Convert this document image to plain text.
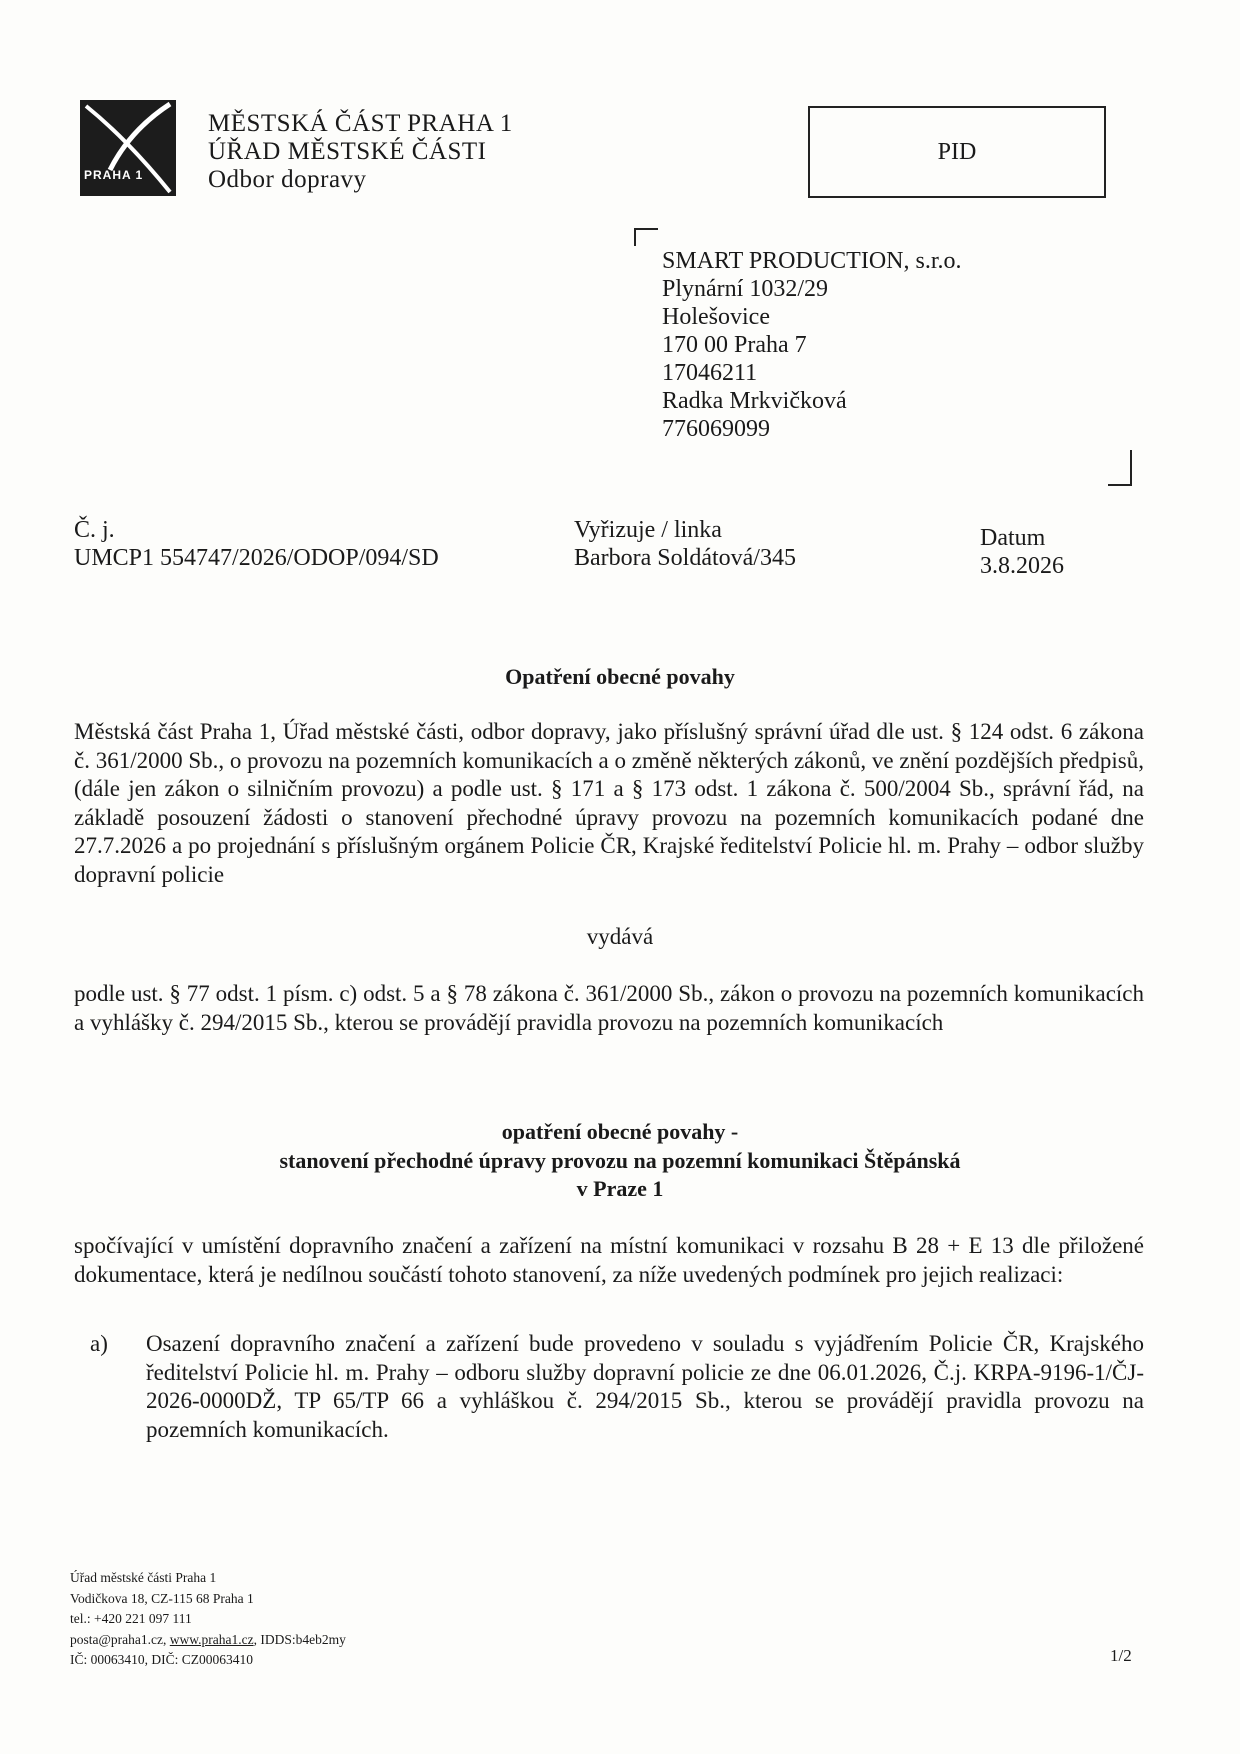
PRAHA 1
MĚSTSKÁ ČÁST PRAHA 1
ÚŘAD MĚSTSKÉ ČÁSTI
Odbor dopravy
PID
SMART PRODUCTION, s.r.o.
Plynární 1032/29
Holešovice
170 00 Praha 7
17046211
Radka Mrkvičková
776069099
Č. j.
UMCP1 554747/2026/ODOP/094/SD
Vyřizuje / linka
Barbora Soldátová/345
Datum
3.8.2026
Opatření obecné povahy
Městská část Praha 1, Úřad městské části, odbor dopravy, jako příslušný správní úřad dle ust. § 124 odst. 6 zákona č. 361/2000 Sb., o provozu na pozemních komunikacích a o změně některých zákonů, ve znění pozdějších předpisů, (dále jen zákon o silničním provozu) a podle ust. § 171 a § 173 odst. 1 zákona č. 500/2004 Sb., správní řád, na základě posouzení žádosti o stanovení přechodné úpravy provozu na pozemních komunikacích podané dne 27.7.2026 a po projednání s příslušným orgánem Policie ČR, Krajské ředitelství Policie hl. m. Prahy – odbor služby dopravní policie
vydává
podle ust. § 77 odst. 1 písm. c) odst. 5 a § 78 zákona č. 361/2000 Sb., zákon o provozu na pozemních komunikacích a vyhlášky č. 294/2015 Sb., kterou se provádějí pravidla provozu na pozemních komunikacích
opatření obecné povahy -
stanovení přechodné úpravy provozu na pozemní komunikaci Štěpánská
v Praze 1
spočívající v umístění dopravního značení a zařízení na místní komunikaci v rozsahu B 28 + E 13 dle přiložené dokumentace, která je nedílnou součástí tohoto stanovení, za níže uvedených podmínek pro jejich realizaci:
a) Osazení dopravního značení a zařízení bude provedeno v souladu s vyjádřením Policie ČR, Krajského ředitelství Policie hl. m. Prahy – odboru služby dopravní policie ze dne 06.01.2026, Č.j. KRPA-9196-1/ČJ-2026-0000DŽ, TP 65/TP 66 a vyhláškou č. 294/2015 Sb., kterou se provádějí pravidla provozu na pozemních komunikacích.
Úřad městské části Praha 1
Vodičkova 18, CZ-115 68 Praha 1
tel.: +420 221 097 111
posta@praha1.cz, www.praha1.cz, IDDS:b4eb2my
IČ: 00063410, DIČ: CZ00063410	1/2
